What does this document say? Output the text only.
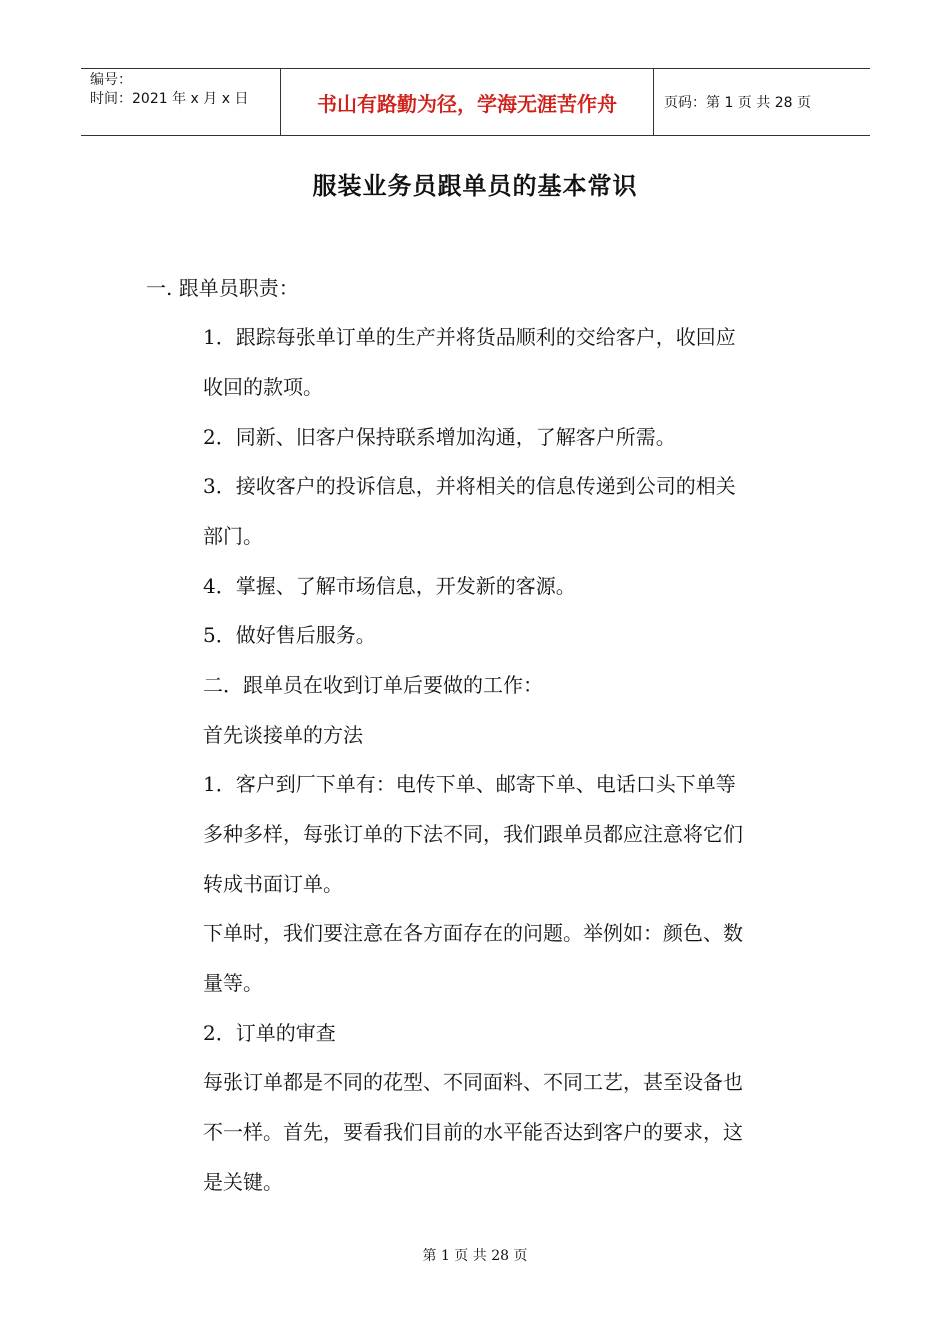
编号：
时间：2021 年 x 月 x 日	书山有路勤为径，学海无涯苦作舟	页码：第 1 页 共 28 页
服装业务员跟单员的基本常识
一. 跟单员职责：
1．跟踪每张单订单的生产并将货品顺利的交给客户，收回应
收回的款项。
2．同新、旧客户保持联系增加沟通，了解客户所需。
3．接收客户的投诉信息，并将相关的信息传递到公司的相关
部门。
4．掌握、了解市场信息，开发新的客源。
5．做好售后服务。
二．跟单员在收到订单后要做的工作：
首先谈接单的方法
1．客户到厂下单有：电传下单、邮寄下单、电话口头下单等
多种多样，每张订单的下法不同，我们跟单员都应注意将它们
转成书面订单。
下单时，我们要注意在各方面存在的问题。举例如：颜色、数
量等。
2．订单的审查
每张订单都是不同的花型、不同面料、不同工艺，甚至设备也
不一样。首先，要看我们目前的水平能否达到客户的要求，这
是关键。
第 1 页 共 28 页
